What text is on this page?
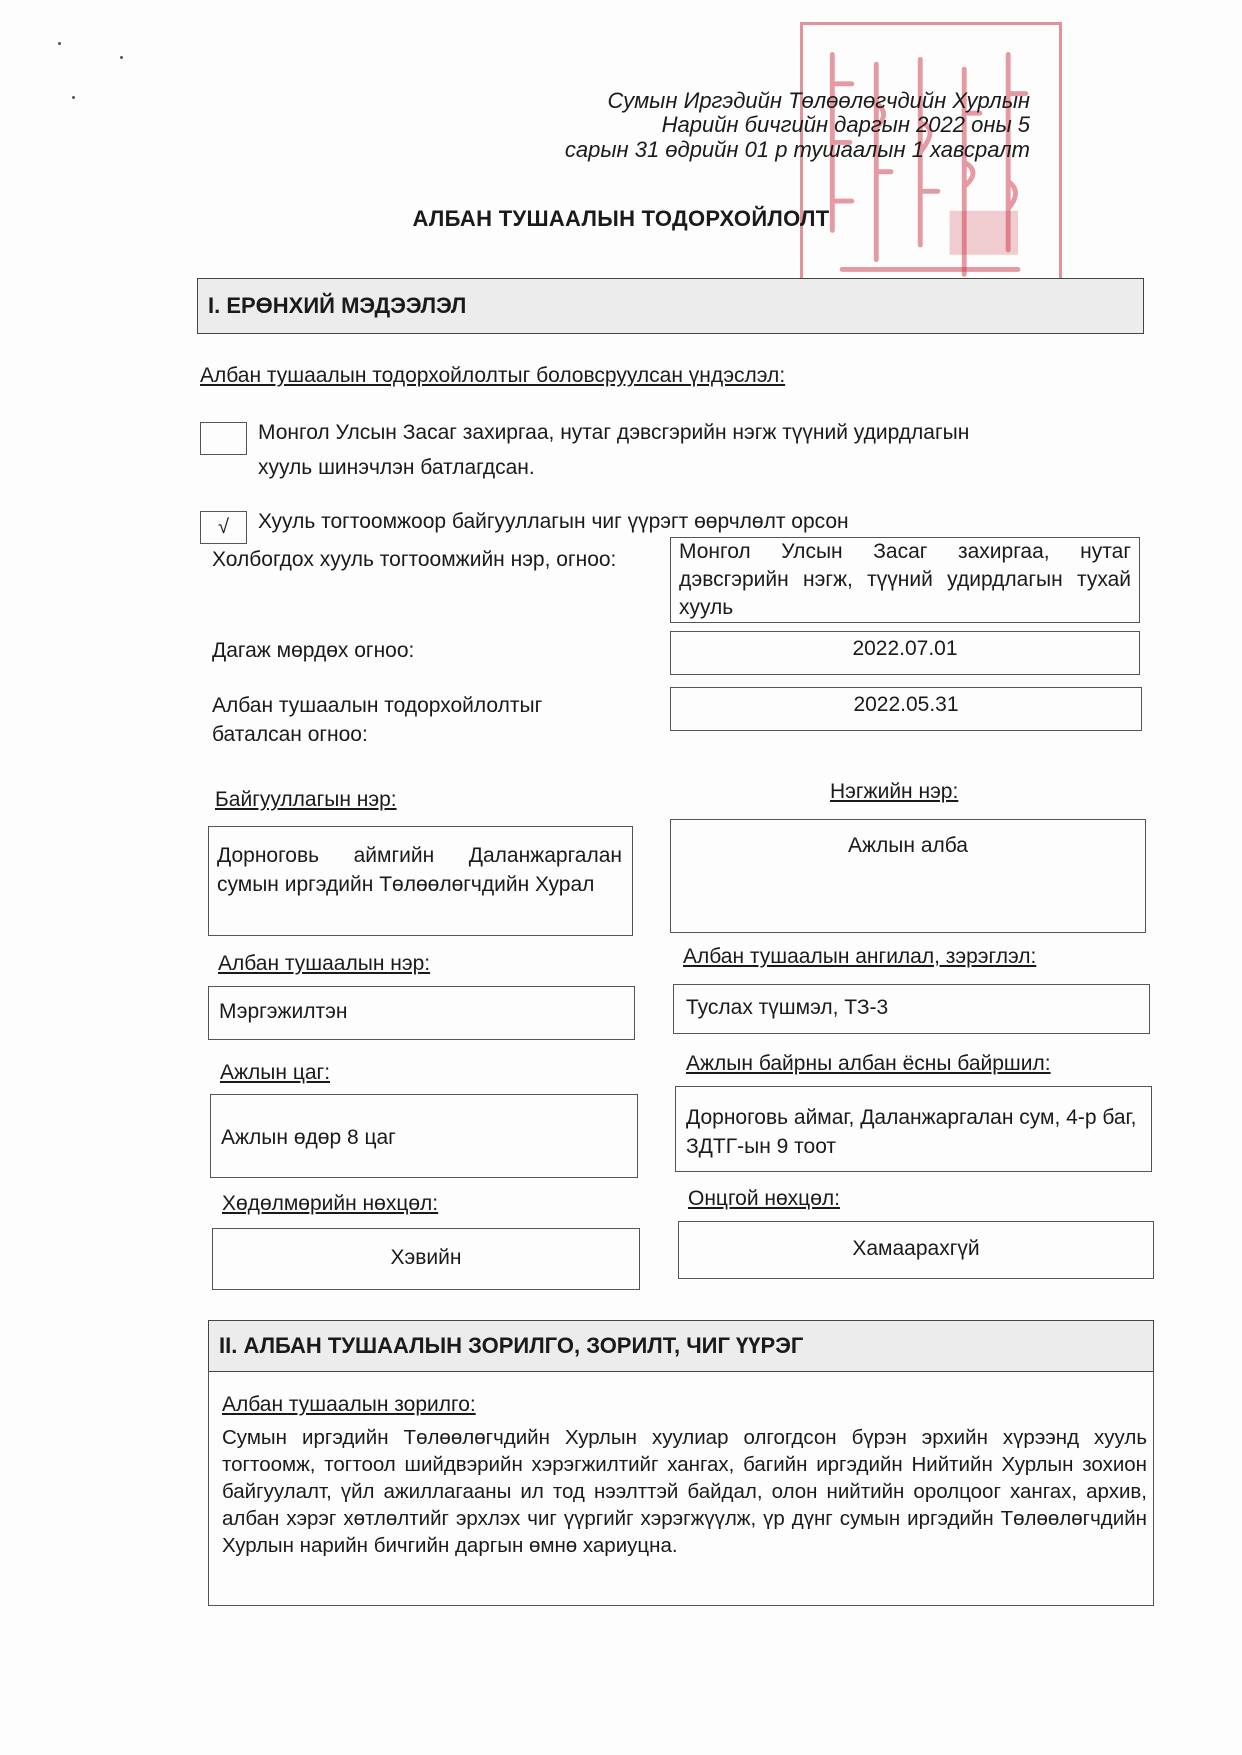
Сумын Иргэдийн Төлөөлөгчдийн Хурлын
Нарийн бичгийн даргын 2022 оны 5
сарын 31 өдрийн 01 р тушаалын 1 хавсралт
АЛБАН ТУШААЛЫН ТОДОРХОЙЛОЛТ
I. ЕРӨНХИЙ МЭДЭЭЛЭЛ
Албан тушаалын тодорхойлолтыг боловсруулсан үндэслэл:
Монгол Улсын Засаг захиргаа, нутаг дэвсгэрийн нэгж түүний удирдлагын
хууль шинэчлэн батлагдсан.
√	Хууль тогтоомжоор байгууллагын чиг үүрэгт өөрчлөлт орсон
Холбогдох хууль тогтоомжийн нэр, огноо:	Монгол Улсын Засаг захиргаа, нутаг дэвсгэрийн нэгж, түүний удирдлагын тухай хууль
Дагаж мөрдөх огноо:	2022.07.01
Албан тушаалын тодорхойлолтыг баталсан огноо:
2022.05.31
Байгууллагын нэр:	Нэгжийн нэр:
Дорноговь аймгийн Даланжаргалан сумын иргэдийн Төлөөлөгчдийн Хурал
Ажлын алба
Албан тушаалын нэр:	Албан тушаалын ангилал, зэрэглэл:
Мэргэжилтэн	Туслах түшмэл, ТЗ-3
Ажлын цаг:	Ажлын байрны албан ёсны байршил:
Ажлын өдөр 8 цаг
Дорноговь аймаг, Даланжаргалан сум, 4-р баг, ЗДТГ-ын 9 тоот
Хөдөлмөрийн нөхцөл:	Онцгой нөхцөл:
Хэвийн	Хамаарахгүй
II. АЛБАН ТУШААЛЫН ЗОРИЛГО, ЗОРИЛТ, ЧИГ ҮҮРЭГ
Албан тушаалын зорилго:
Сумын иргэдийн Төлөөлөгчдийн Хурлын хуулиар олгогдсон бүрэн эрхийн хүрээнд хууль тогтоомж, тогтоол шийдвэрийн хэрэгжилтийг хангах, багийн иргэдийн Нийтийн Хурлын зохион байгуулалт, үйл ажиллагааны ил тод нээлттэй байдал, олон нийтийн оролцоог хангах, архив, албан хэрэг хөтлөлтийг эрхлэх чиг үүргийг хэрэгжүүлж, үр дүнг сумын иргэдийн Төлөөлөгчдийн Хурлын нарийн бичгийн даргын өмнө хариуцна.
